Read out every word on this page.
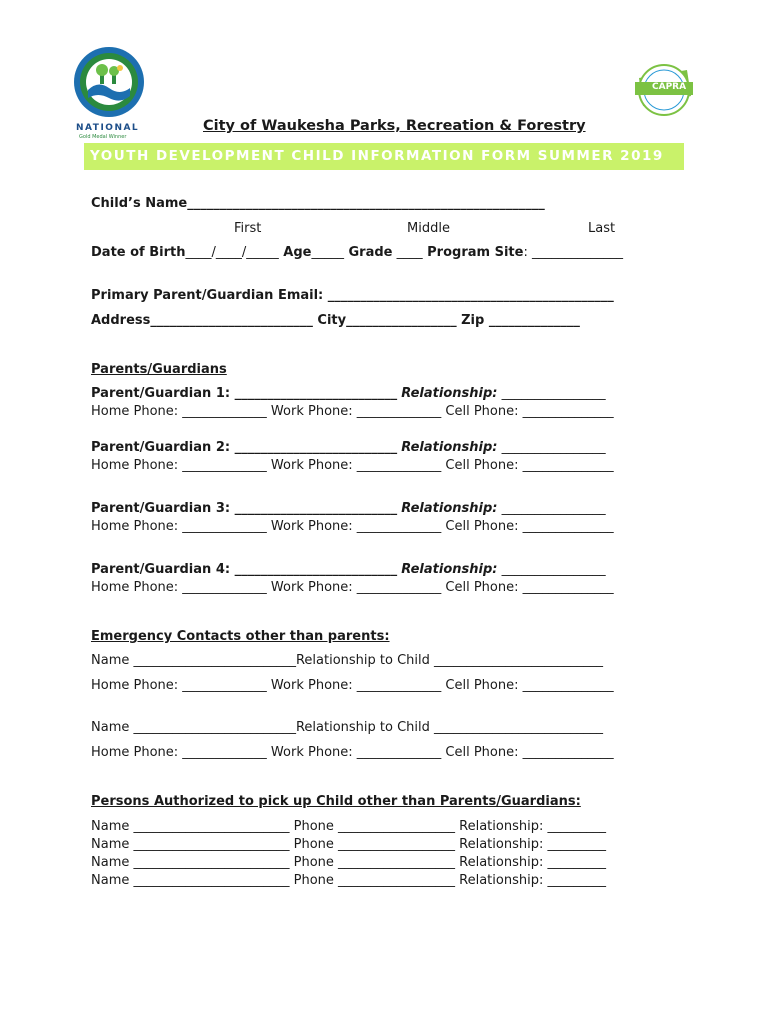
NATIONAL
Gold Medal Winner
CAPRA
City of Waukesha Parks, Recreation & Forestry
YOUTH DEVELOPMENT CHILD INFORMATION FORM SUMMER 2019
Child’s Name_______________________________________________________
First	Middle	Last
Date of Birth____/____/_____ Age_____ Grade ____ Program Site: ______________
Primary Parent/Guardian Email: ____________________________________________
Address_________________________ City_________________ Zip ______________
Parents/Guardians
Parent/Guardian 1: _________________________ Relationship: ________________
Home Phone: _____________ Work Phone: _____________ Cell Phone: ______________
Parent/Guardian 2: _________________________ Relationship: ________________
Home Phone: _____________ Work Phone: _____________ Cell Phone: ______________
Parent/Guardian 3: _________________________ Relationship: ________________
Home Phone: _____________ Work Phone: _____________ Cell Phone: ______________
Parent/Guardian 4: _________________________ Relationship: ________________
Home Phone: _____________ Work Phone: _____________ Cell Phone: ______________
Emergency Contacts other than parents:
Name _________________________Relationship to Child __________________________
Home Phone: _____________ Work Phone: _____________ Cell Phone: ______________
Name _________________________Relationship to Child __________________________
Home Phone: _____________ Work Phone: _____________ Cell Phone: ______________
Persons Authorized to pick up Child other than Parents/Guardians:
Name ________________________ Phone __________________ Relationship: _________
Name ________________________ Phone __________________ Relationship: _________
Name ________________________ Phone __________________ Relationship: _________
Name ________________________ Phone __________________ Relationship: _________
